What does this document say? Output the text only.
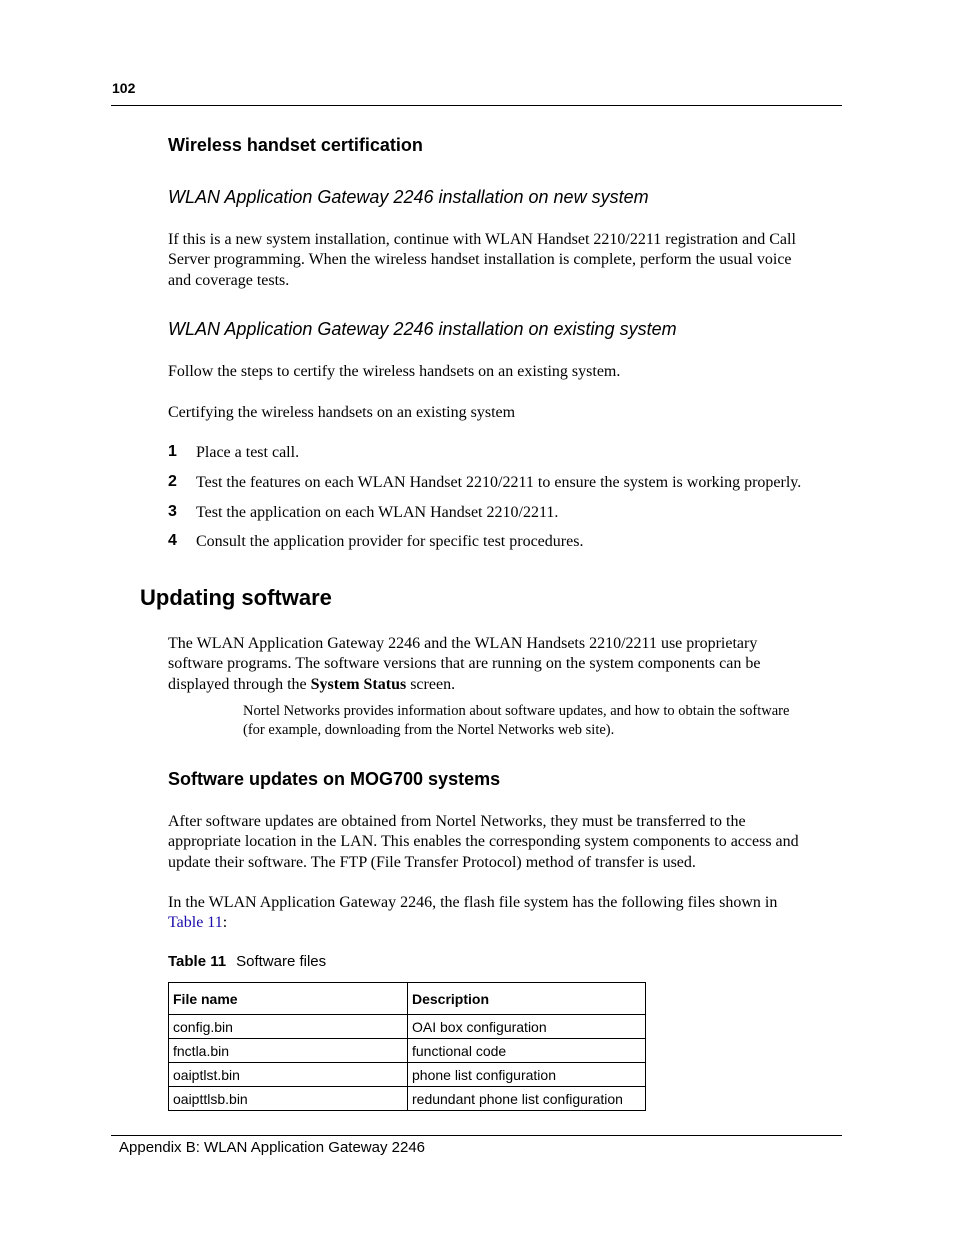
102
Wireless handset certification
WLAN Application Gateway 2246 installation on new system
If this is a new system installation, continue with WLAN Handset 2210/2211 registration and Call
Server programming. When the wireless handset installation is complete, perform the usual voice
and coverage tests.
WLAN Application Gateway 2246 installation on existing system
Follow the steps to certify the wireless handsets on an existing system.
Certifying the wireless handsets on an existing system
1 Place a test call.
2 Test the features on each WLAN Handset 2210/2211 to ensure the system is working properly.
3 Test the application on each WLAN Handset 2210/2211.
4 Consult the application provider for specific test procedures.
Updating software
The WLAN Application Gateway 2246 and the WLAN Handsets 2210/2211 use proprietary
software programs. The software versions that are running on the system components can be
displayed through the System Status screen.
Nortel Networks provides information about software updates, and how to obtain the software
(for example, downloading from the Nortel Networks web site).
Software updates on MOG700 systems
After software updates are obtained from Nortel Networks, they must be transferred to the
appropriate location in the LAN. This enables the corresponding system components to access and
update their software. The FTP (File Transfer Protocol) method of transfer is used.
In the WLAN Application Gateway 2246, the flash file system has the following files shown in
Table 11:
Table 11 Software files
File name	Description
config.bin	OAI box configuration
fnctla.bin	functional code
oaiptlst.bin	phone list configuration
oaipttlsb.bin	redundant phone list configuration
Appendix B: WLAN Application Gateway 2246
